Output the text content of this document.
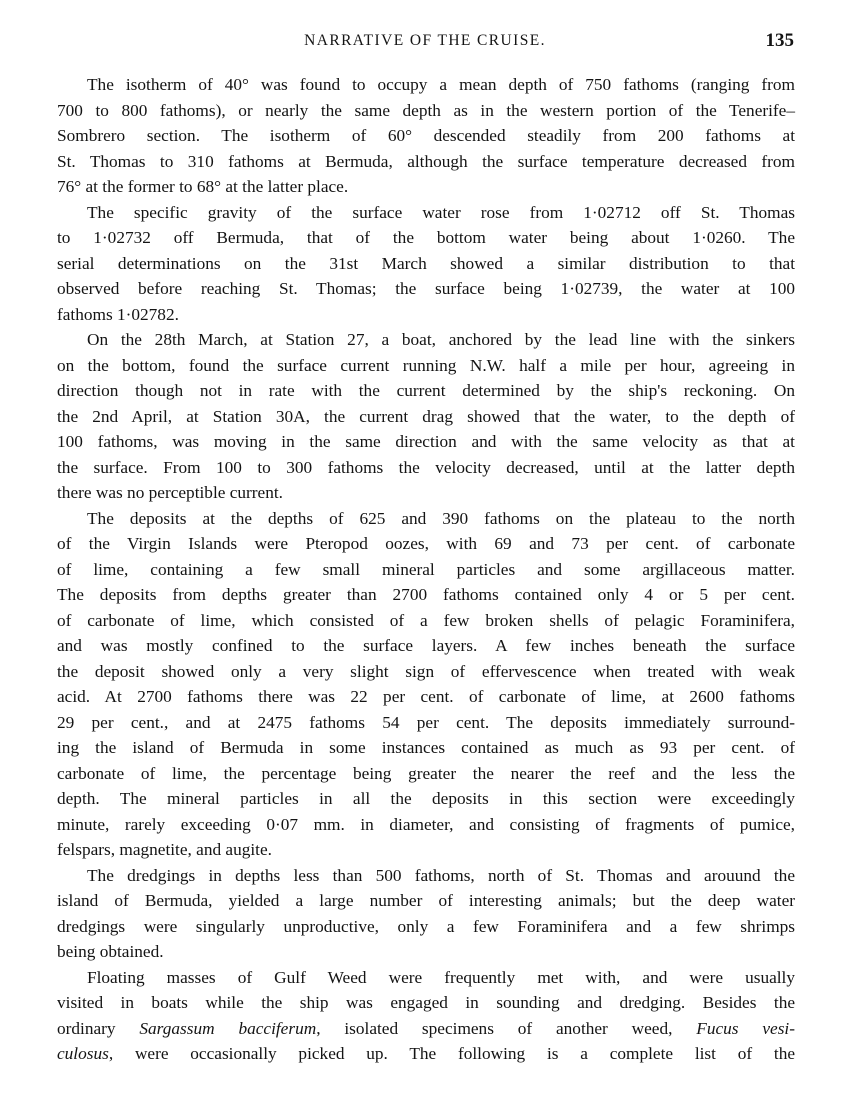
NARRATIVE OF THE CRUISE.	135
The isotherm of 40° was found to occupy a mean depth of 750 fathoms (ranging from
700 to 800 fathoms), or nearly the same depth as in the western portion of the Tenerife–
Sombrero section. The isotherm of 60° descended steadily from 200 fathoms at
St. Thomas to 310 fathoms at Bermuda, although the surface temperature decreased from
76° at the former to 68° at the latter place.
The specific gravity of the surface water rose from 1·02712 off St. Thomas
to 1·02732 off Bermuda, that of the bottom water being about 1·0260. The
serial determinations on the 31st March showed a similar distribution to that
observed before reaching St. Thomas; the surface being 1·02739, the water at 100
fathoms 1·02782.
On the 28th March, at Station 27, a boat, anchored by the lead line with the sinkers
on the bottom, found the surface current running N.W. half a mile per hour, agreeing in
direction though not in rate with the current determined by the ship's reckoning. On
the 2nd April, at Station 30A, the current drag showed that the water, to the depth of
100 fathoms, was moving in the same direction and with the same velocity as that at
the surface. From 100 to 300 fathoms the velocity decreased, until at the latter depth
there was no perceptible current.
The deposits at the depths of 625 and 390 fathoms on the plateau to the north
of the Virgin Islands were Pteropod oozes, with 69 and 73 per cent. of carbonate
of lime, containing a few small mineral particles and some argillaceous matter.
The deposits from depths greater than 2700 fathoms contained only 4 or 5 per cent.
of carbonate of lime, which consisted of a few broken shells of pelagic Foraminifera,
and was mostly confined to the surface layers. A few inches beneath the surface
the deposit showed only a very slight sign of effervescence when treated with weak
acid. At 2700 fathoms there was 22 per cent. of carbonate of lime, at 2600 fathoms
29 per cent., and at 2475 fathoms 54 per cent. The deposits immediately surround-
ing the island of Bermuda in some instances contained as much as 93 per cent. of
carbonate of lime, the percentage being greater the nearer the reef and the less the
depth. The mineral particles in all the deposits in this section were exceedingly
minute, rarely exceeding 0·07 mm. in diameter, and consisting of fragments of pumice,
felspars, magnetite, and augite.
The dredgings in depths less than 500 fathoms, north of St. Thomas and arouund the
island of Bermuda, yielded a large number of interesting animals; but the deep water
dredgings were singularly unproductive, only a few Foraminifera and a few shrimps
being obtained.
Floating masses of Gulf Weed were frequently met with, and were usually
visited in boats while the ship was engaged in sounding and dredging. Besides the
ordinary Sargassum bacciferum, isolated specimens of another weed, Fucus vesi-
culosus, were occasionally picked up. The following is a complete list of the
